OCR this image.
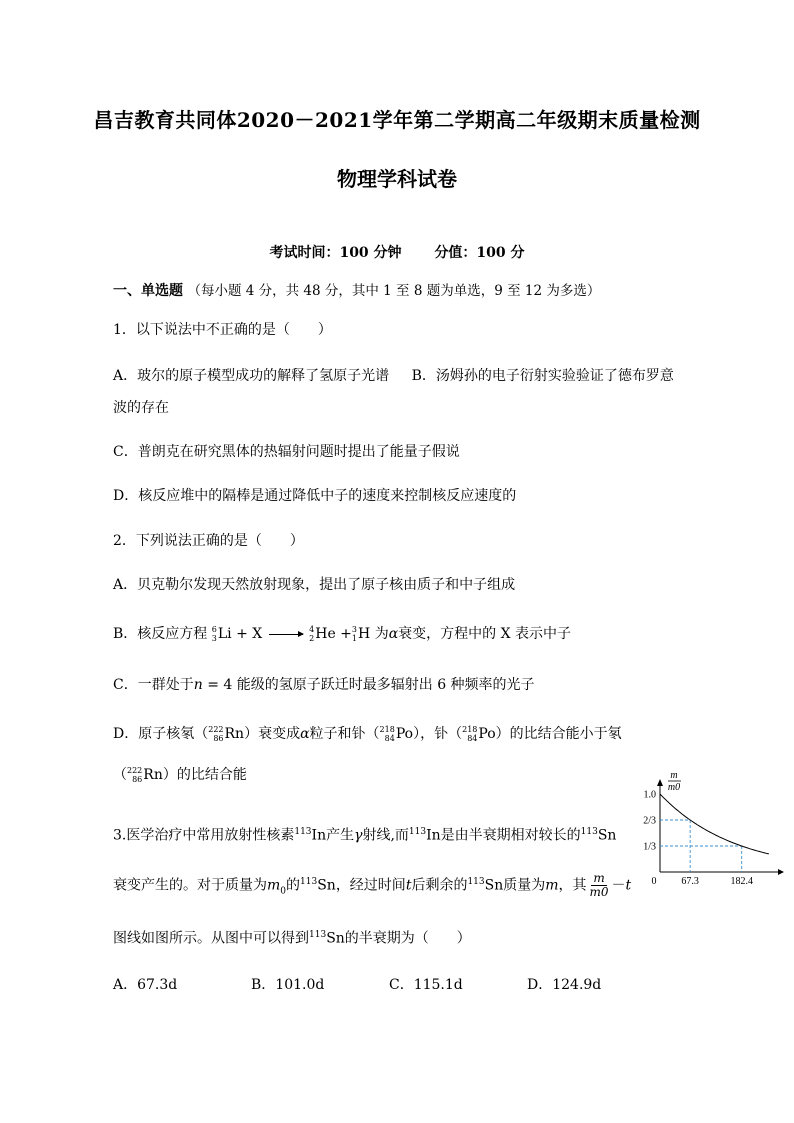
昌吉教育共同体2020－2021学年第二学期高二年级期末质量检测
物理学科试卷
考试时间：100 分钟 分值：100 分
一、单选题 （每小题 4 分，共 48 分，其中 1 至 8 题为单选，9 至 12 为多选）
1．以下说法中不正确的是（　　）
A．玻尔的原子模型成功的解释了氢原子光谱 B．汤姆孙的电子衍射实验验证了德布罗意
波的存在
C．普朗克在研究黑体的热辐射问题时提出了能量子假说
D．核反应堆中的隔棒是通过降低中子的速度来控制核反应速度的
2．下列说法正确的是（　　）
A．贝克勒尔发现天然放射现象，提出了原子核由质子和中子组成
B．核反应方程 6
3 Li + X → 4
2 He + 3
1 H 为α衰变，方程中的 X 表示中子
C．一群处于n = 4 能级的氢原子跃迁时最多辐射出 6 种频率的光子
D．原子核氡（ 222
86 Rn）衰变成α粒子和钋（ 218
84 Po），钋（ 218
84 Po）的比结合能小于氡
（ 222
86 Rn）的比结合能
3.医学治疗中常用放射性核素$^{113}$In产生γ射线,而$^{113}$In是由半衰期相对较长的$^{113}$Sn
衰变产生的。对于质量为$m_0$的$^{113}$Sn，经过时间t后剩余的$^{113}$Sn质量为m，其 $\frac{m}{m0} -t$
图线如图所示。从图中可以得到$^{113}$Sn的半衰期为（　　）
A．67.3d	B．101.0d	C．115.1d	D．124.9d
m
m0
1.0
2/3
1/3
0 67.3	182.4
